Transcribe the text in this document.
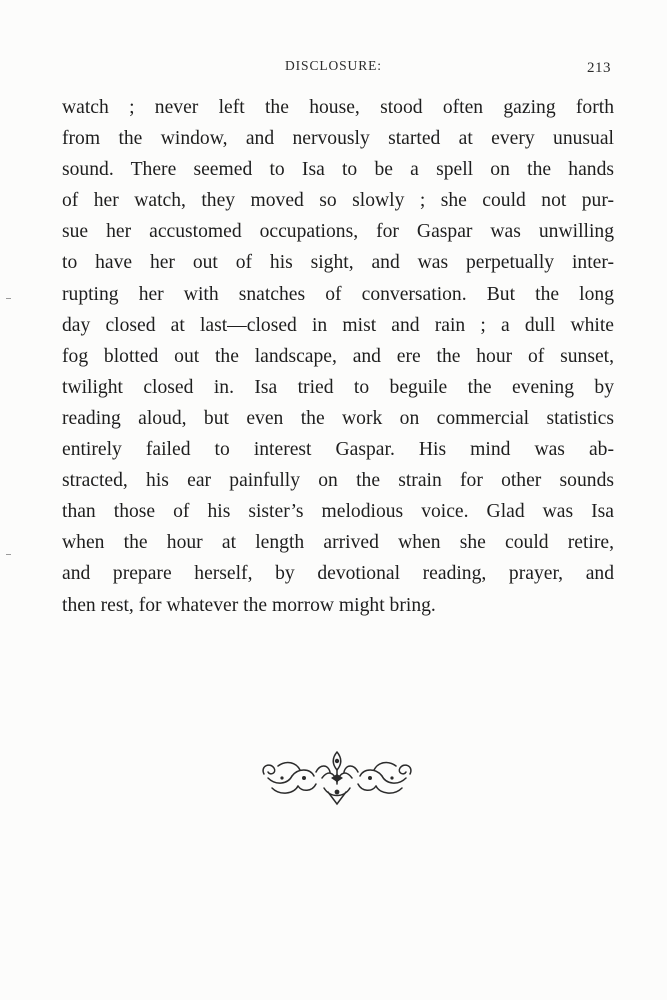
DISCLOSURE:	213
watch ; never left the house, stood often gazing forth
from the window, and nervously started at every unusual
sound. There seemed to Isa to be a spell on the hands
of her watch, they moved so slowly ; she could not pur-
sue her accustomed occupations, for Gaspar was unwilling
to have her out of his sight, and was perpetually inter-
rupting her with snatches of conversation. But the long
day closed at last—closed in mist and rain ; a dull white
fog blotted out the landscape, and ere the hour of sunset,
twilight closed in. Isa tried to beguile the evening by
reading aloud, but even the work on commercial statistics
entirely failed to interest Gaspar. His mind was ab-
stracted, his ear painfully on the strain for other sounds
than those of his sister’s melodious voice. Glad was Isa
when the hour at length arrived when she could retire,
and prepare herself, by devotional reading, prayer, and
then rest, for whatever the morrow might bring.
